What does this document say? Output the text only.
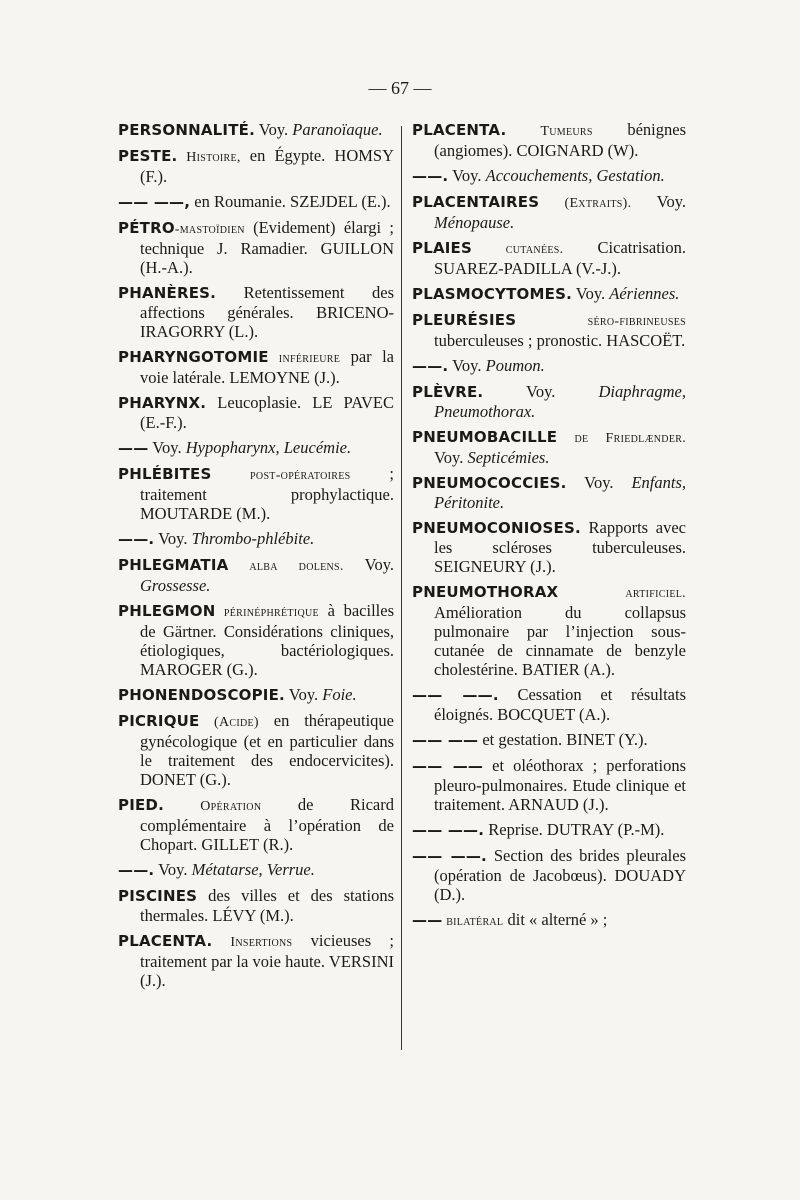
— 67 —
PERSONNALITÉ. Voy. Paranoïaque.
PESTE. Histoire, en Égypte. HOMSY (F.).
—— ——, en Roumanie. SZEJDEL (E.).
PÉTRO-mastoïdien (Evidement) élargi ; technique J. Ramadier. GUILLON (H.-A.).
PHANÈRES. Retentissement des affections générales. BRICENO-IRAGORRY (L.).
PHARYNGOTOMIE inférieure par la voie latérale. LEMOYNE (J.).
PHARYNX. Leucoplasie. LE PAVEC (E.-F.).
—— Voy. Hypopharynx, Leucémie.
PHLÉBITES post-opératoires ; traitement prophylactique. MOUTARDE (M.).
——. Voy. Thrombo-phlébite.
PHLEGMATIA alba dolens. Voy. Grossesse.
PHLEGMON périnéphrétique à bacilles de Gärtner. Considérations cliniques, étiologiques, bactériologiques. MAROGER (G.).
PHONENDOSCOPIE. Voy. Foie.
PICRIQUE (Acide) en thérapeutique gynécologique (et en particulier dans le traitement des endocervicites). DONET (G.).
PIED. Opération de Ricard complémentaire à l’opération de Chopart. GILLET (R.).
——. Voy. Métatarse, Verrue.
PISCINES des villes et des stations thermales. LÉVY (M.).
PLACENTA. Insertions vicieuses ; traitement par la voie haute. VERSINI (J.).
PLACENTA. Tumeurs bénignes (angiomes). COIGNARD (W).
——. Voy. Accouchements, Gestation.
PLACENTAIRES (Extraits). Voy. Ménopause.
PLAIES cutanées. Cicatrisation. SUAREZ-PADILLA (V.-J.).
PLASMOCYTOMES. Voy. Aériennes.
PLEURÉSIES séro-fibrineuses tuberculeuses ; pronostic. HASCOËT.
——. Voy. Poumon.
PLÈVRE. Voy. Diaphragme, Pneumothorax.
PNEUMOBACILLE de Friedlænder. Voy. Septicémies.
PNEUMOCOCCIES. Voy. Enfants, Péritonite.
PNEUMOCONIOSES. Rapports avec les scléroses tuberculeuses. SEIGNEURY (J.).
PNEUMOTHORAX artificiel. Amélioration du collapsus pulmonaire par l’injection sous-cutanée de cinnamate de benzyle cholestérine. BATIER (A.).
—— ——. Cessation et résultats éloignés. BOCQUET (A.).
—— —— et gestation. BINET (Y.).
—— —— et oléothorax ; perforations pleuro-pulmonaires. Etude clinique et traitement. ARNAUD (J.).
—— ——. Reprise. DUTRAY (P.-M).
—— ——. Section des brides pleurales (opération de Jacobœus). DOUADY (D.).
—— bilatéral dit « alterné » ;
